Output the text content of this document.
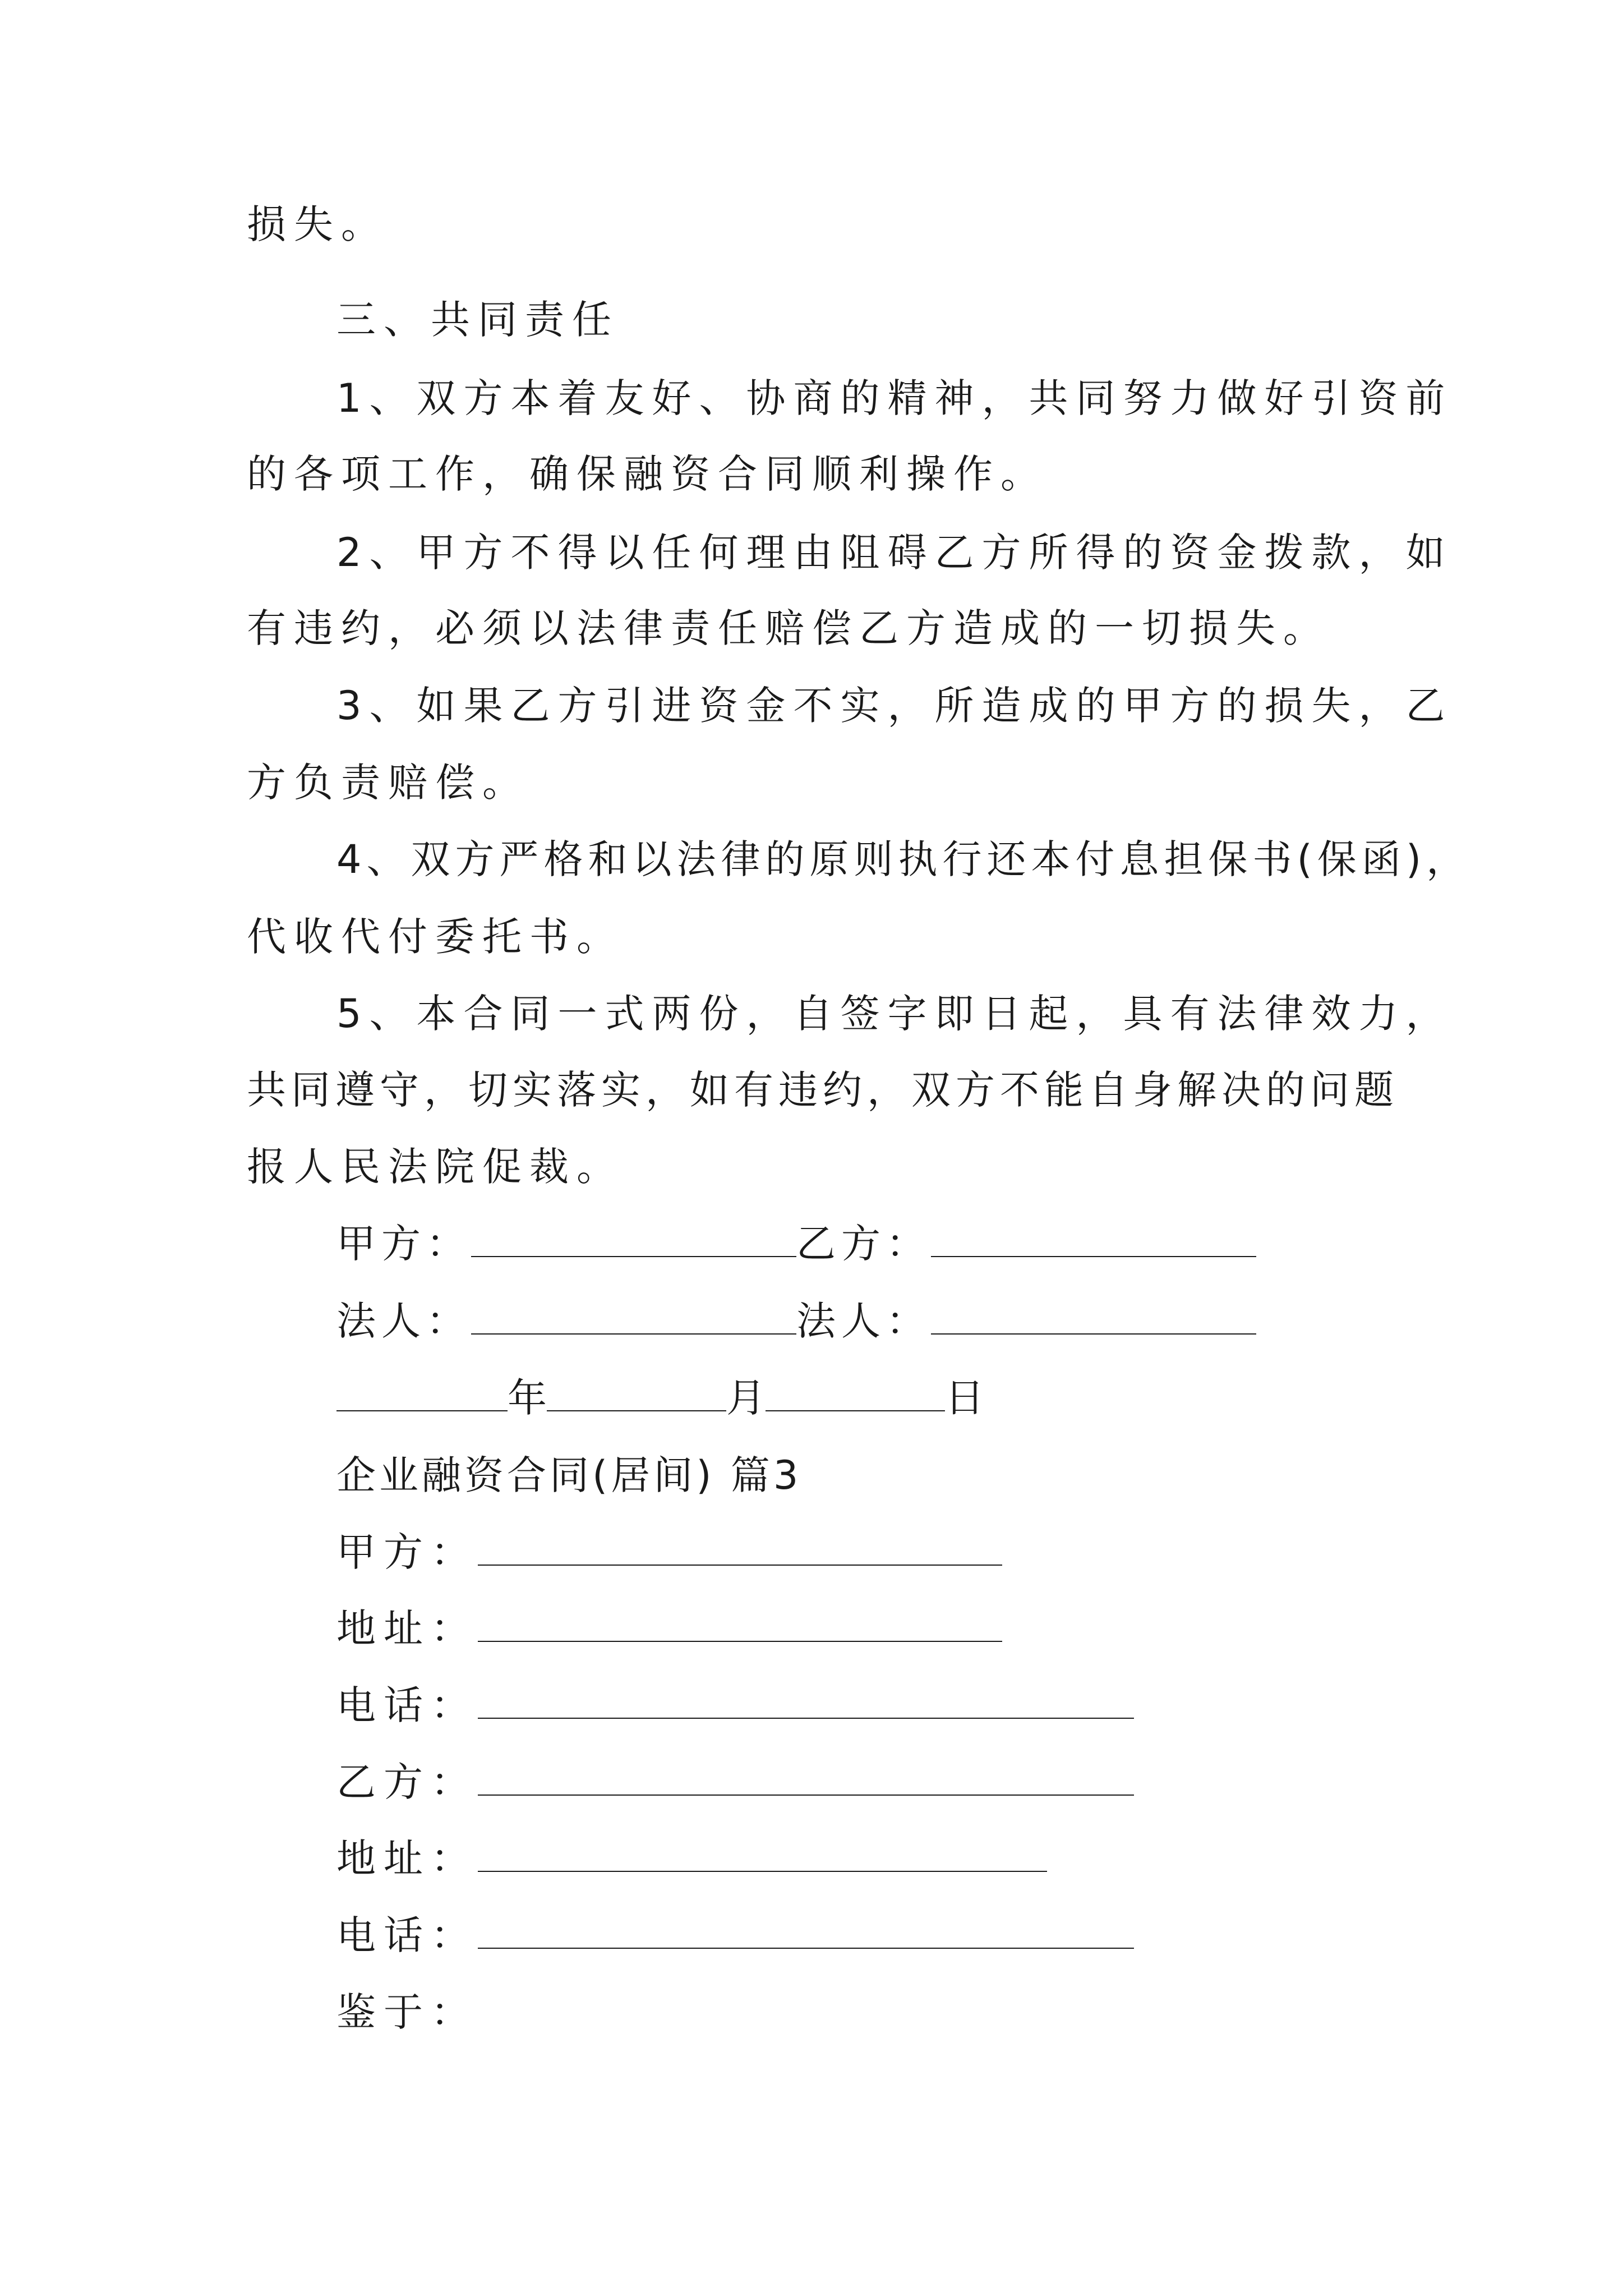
损失。
三、共同责任
1、双方本着友好、协商的精神，共同努力做好引资前
的各项工作，确保融资合同顺利操作。
2、甲方不得以任何理由阻碍乙方所得的资金拨款，如
有违约，必须以法律责任赔偿乙方造成的一切损失。
3、如果乙方引进资金不实，所造成的甲方的损失，乙
方负责赔偿。
4、双方严格和以法律的原则执行还本付息担保书(保函)，
代收代付委托书。
5、本合同一式两份，自签字即日起，具有法律效力，
共同遵守，切实落实，如有违约，双方不能自身解决的问题
报人民法院促裁。
甲方：	乙方：
法人：	法人：
年	月	日
企业融资合同(居间) 篇3
甲方：
地址：
电话：
乙方：
地址：
电话：
鉴于：
